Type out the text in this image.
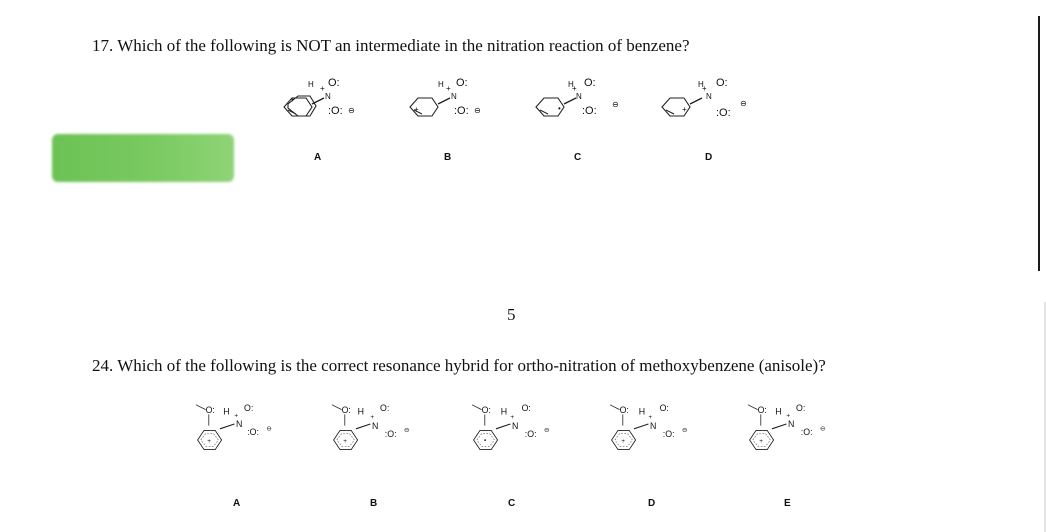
17. Which of the following is NOT an intermediate in the nitration reaction of benzene?
+
H
N
+ O:
:O: ⊖
A
+
H
N
+ O:
:O: ⊖
B
•
H
N
+ O:
:O:
⊖
C
+
H
N
+ O:
:O:
⊖
D
5
24. Which of the following is the correct resonance hybrid for ortho-nitration of methoxybenzene (anisole)?
O:
+
H
N
+
O:
:O: ⊖
A
O:
+
H
N
+
O:
:O: ⊖
B
O:
•
H
N
+
O:
:O: ⊖
C
O:
+
H
N
+
O:
:O: ⊖
D
O:
+
H
N
+
O:
:O: ⊖
E
